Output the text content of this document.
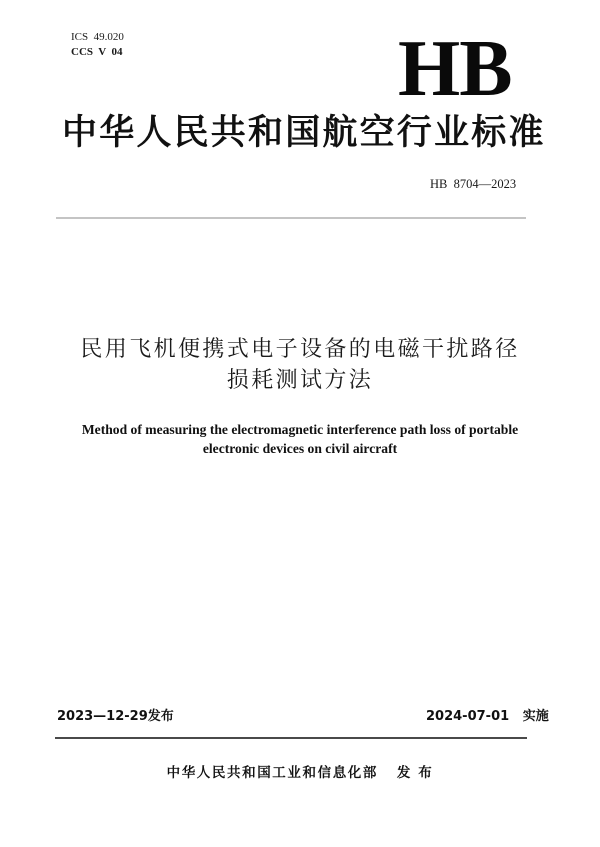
ICS  49.020
CCS  V  04	HB
中华人民共和国航空行业标准
HB  8704—2023
民用飞机便携式电子设备的电磁干扰路径
损耗测试方法
Method of measuring the electromagnetic interference path loss of portable
electronic devices on civil aircraft
2023—12-29发布	2024-07-01   实施
中华人民共和国工业和信息化部   发 布
